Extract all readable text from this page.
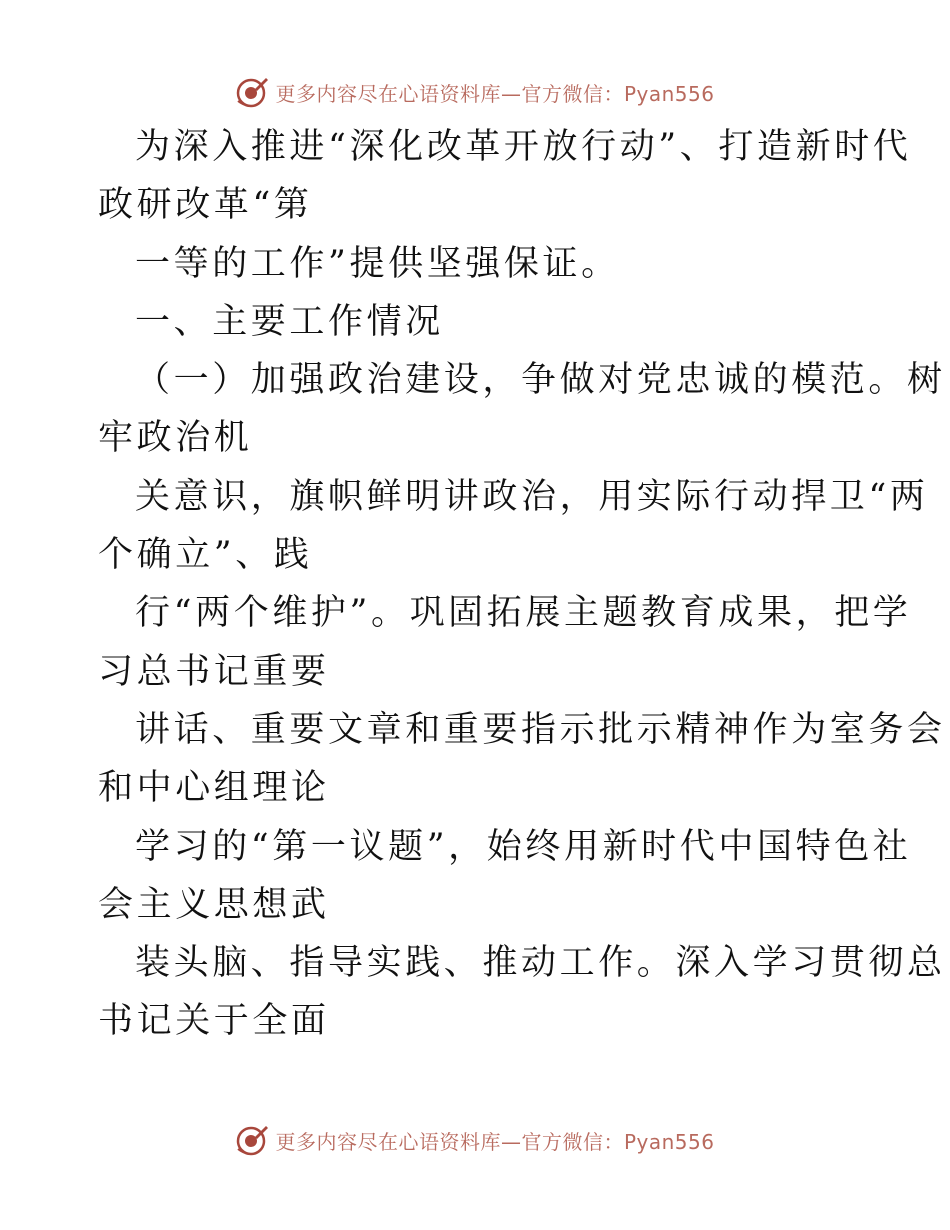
更多内容尽在心语资料库—官方微信：Pyan556
为深入推进“深化改革开放行动”、打造新时代
政研改革“第
一等的工作”提供坚强保证。
一、主要工作情况
（一）加强政治建设，争做对党忠诚的模范。树
牢政治机
关意识，旗帜鲜明讲政治，用实际行动捍卫“两
个确立”、践
行“两个维护”。巩固拓展主题教育成果，把学
习总书记重要
讲话、重要文章和重要指示批示精神作为室务会
和中心组理论
学习的“第一议题”，始终用新时代中国特色社
会主义思想武
装头脑、指导实践、推动工作。深入学习贯彻总
书记关于全面
更多内容尽在心语资料库—官方微信：Pyan556
